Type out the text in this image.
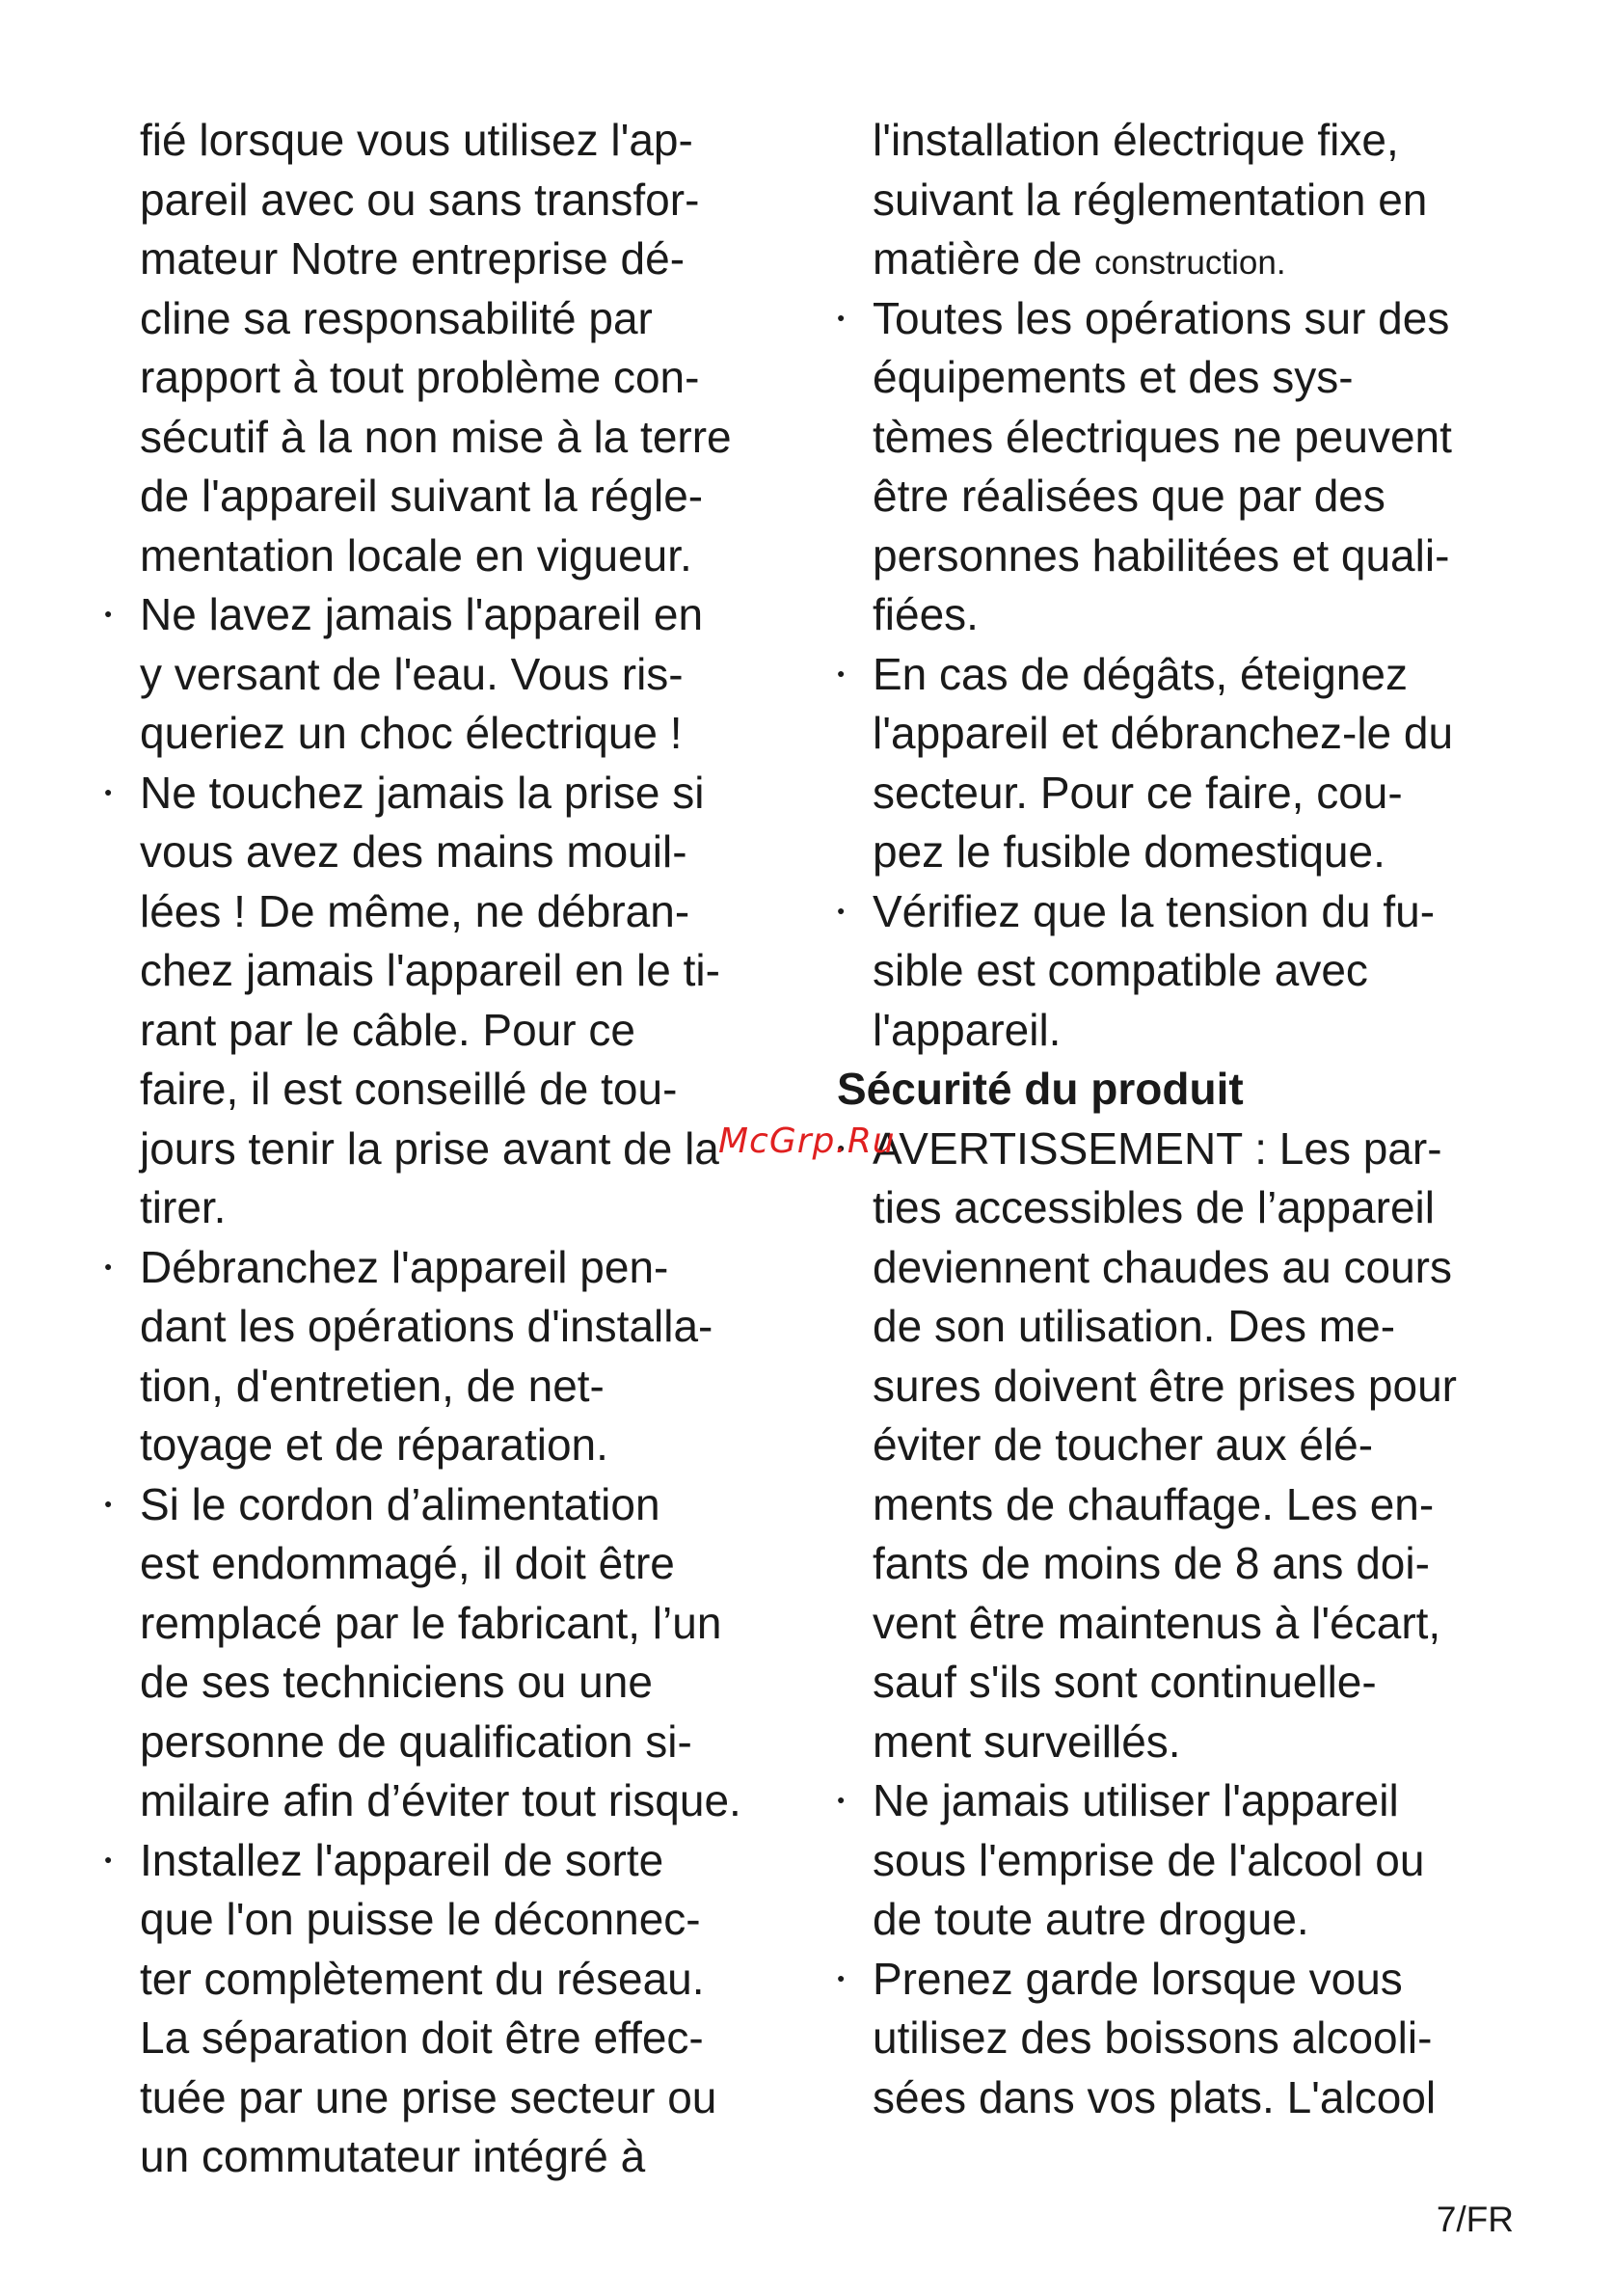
fié lorsque vous utilisez l'ap-
pareil avec ou sans transfor-
mateur Notre entreprise dé-
cline sa responsabilité par
rapport à tout problème con-
sécutif à la non mise à la terre
de l'appareil suivant la régle-
mentation locale en vigueur.
●
Ne lavez jamais l'appareil en
y versant de l'eau. Vous ris-
queriez un choc électrique !
●
Ne touchez jamais la prise si
vous avez des mains mouil-
lées ! De même, ne débran-
chez jamais l'appareil en le ti-
rant par le câble. Pour ce
faire, il est conseillé de tou-
jours tenir la prise avant de la
tirer.
●
Débranchez l'appareil pen-
dant les opérations d'installa-
tion, d'entretien, de net-
toyage et de réparation.
●
Si le cordon d’alimentation
est endommagé, il doit être
remplacé par le fabricant, l’un
de ses techniciens ou une
personne de qualification si-
milaire afin d’éviter tout risque.
●
Installez l'appareil de sorte
que l'on puisse le déconnec-
ter complètement du réseau.
La séparation doit être effec-
tuée par une prise secteur ou
un commutateur intégré à
l'installation électrique fixe,
suivant la réglementation en
matière de construction.
●
Toutes les opérations sur des
équipements et des sys-
tèmes électriques ne peuvent
être réalisées que par des
personnes habilitées et quali-
fiées.
●
En cas de dégâts, éteignez
l'appareil et débranchez-le du
secteur. Pour ce faire, cou-
pez le fusible domestique.
●
Vérifiez que la tension du fu-
sible est compatible avec
l'appareil.
Sécurité du produit
●
AVERTISSEMENT : Les par-
ties accessibles de l’appareil
deviennent chaudes au cours
de son utilisation. Des me-
sures doivent être prises pour
éviter de toucher aux élé-
ments de chauffage. Les en-
fants de moins de 8 ans doi-
vent être maintenus à l'écart,
sauf s'ils sont continuelle-
ment surveillés.
●
Ne jamais utiliser l'appareil
sous l'emprise de l'alcool ou
de toute autre drogue.
●
Prenez garde lorsque vous
utilisez des boissons alcooli-
sées dans vos plats. L'alcool
McGrp.Ru
7/FR
